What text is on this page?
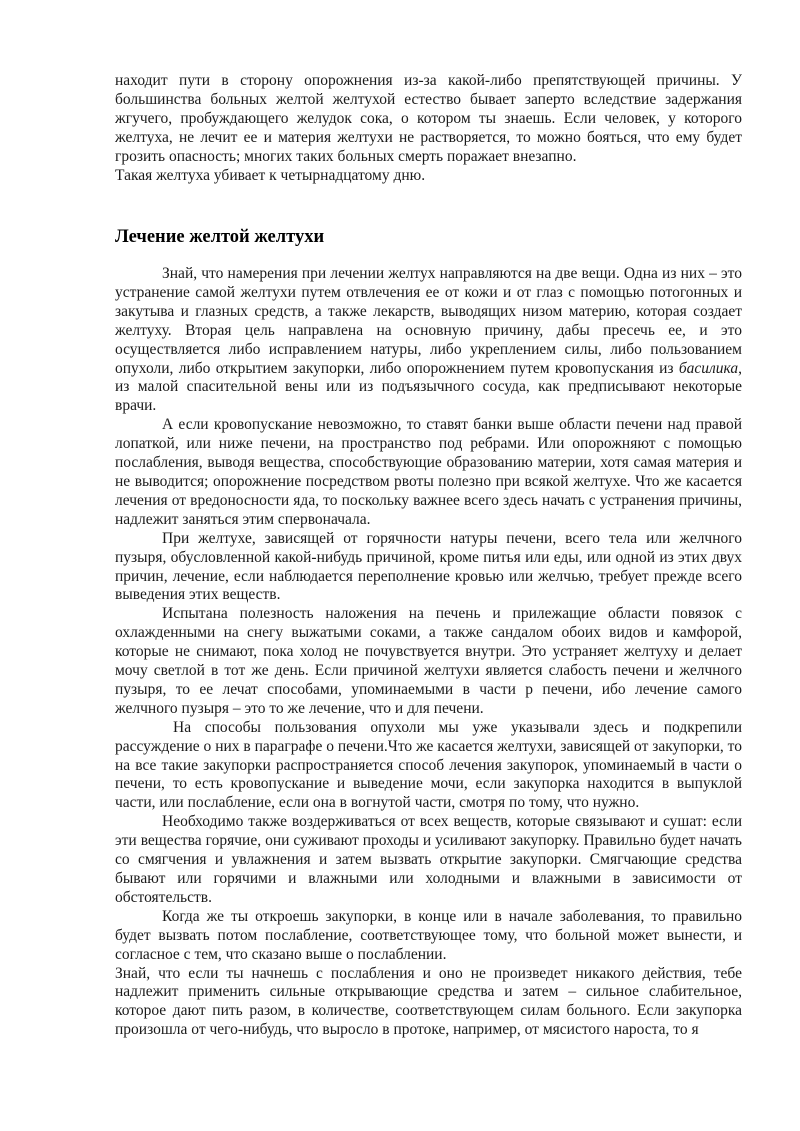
находит пути в сторону опорожнения из-за какой-либо препятствующей причины. У большинства больных желтой желтухой естество бывает заперто вследствие задержания жгучего, пробуждающего желудок сока, о котором ты знаешь. Если человек, у которого желтуха, не лечит ее и материя желтухи не растворяется, то можно бояться, что ему будет грозить опасность; многих таких больных смерть поражает внезапно.

Такая желтуха убивает к четырнадцатому дню.

Лечение желтой желтухи

Знай, что намерения при лечении желтух направляются на две вещи. Одна из них – это устранение самой желтухи путем отвлечения ее от кожи и от глаз с помощью потогонных и закутыва и глазных средств, а также лекарств, выводящих низом материю, которая создает желтуху. Вторая цель направлена на основную причину, дабы пресечь ее, и это осуществляется либо исправлением натуры, либо укреплением силы, либо пользованием опухоли, либо открытием закупорки, либо опорожнением путем кровопускания из басилика, из малой спасительной вены или из подъязычного сосуда, как предписывают некоторые врачи.

А если кровопускание невозможно, то ставят банки выше области печени над правой лопаткой, или ниже печени, на пространство под ребрами. Или опорожняют с помощью послабления, выводя вещества, способствующие образованию материи, хотя самая материя и не выводится; опорожнение посредством рвоты полезно при всякой желтухе. Что же касается лечения от вредоносности яда, то поскольку важнее всего здесь начать с устранения причины, надлежит заняться этим спервоначала.

При желтухе, зависящей от горячности натуры печени, всего тела или желчного пузыря, обусловленной какой-нибудь причиной, кроме питья или еды, или одной из этих двух причин, лечение, если наблюдается переполнение кровью или желчью, требует прежде всего выведения этих веществ.

Испытана полезность наложения на печень и прилежащие области повязок с охлажденными на снегу выжатыми соками, а также сандалом обоих видов и камфорой, которые не снимают, пока холод не почувствуется внутри. Это устраняет желтуху и делает мочу светлой в тот же день. Если причиной желтухи является слабость печени и желчного пузыря, то ее лечат способами, упоминаемыми в части р печени, ибо лечение самого желчного пузыря – это то же лечение, что и для печени.

На способы пользования опухоли мы уже указывали здесь и подкрепили рассуждение о них в параграфе о печени.Что же касается желтухи, зависящей от закупорки, то на все такие закупорки распространяется способ лечения закупорок, упоминаемый в части о печени, то есть кровопускание и выведение мочи, если закупорка находится в выпуклой части, или послабление, если она в вогнутой части, смотря по тому, что нужно.

Необходимо также воздерживаться от всех веществ, которые связывают и сушат: если эти вещества горячие, они суживают проходы и усиливают закупорку. Правильно будет начать со смягчения и увлажнения и затем вызвать открытие закупорки. Смягчающие средства бывают или горячими и влажными или холодными и влажными в зависимости от обстоятельств.

Когда же ты откроешь закупорки, в конце или в начале заболевания, то правильно будет вызвать потом послабление, соответствующее тому, что больной может вынести, и согласное с тем, что сказано выше о послаблении.

Знай, что если ты начнешь с послабления и оно не произведет никакого действия, тебе надлежит применить сильные открывающие средства и затем – сильное слабительное, которое дают пить разом, в количестве, соответствующем силам больного. Если закупорка произошла от чего-нибудь, что выросло в протоке, например, от мясистого нароста, то я
